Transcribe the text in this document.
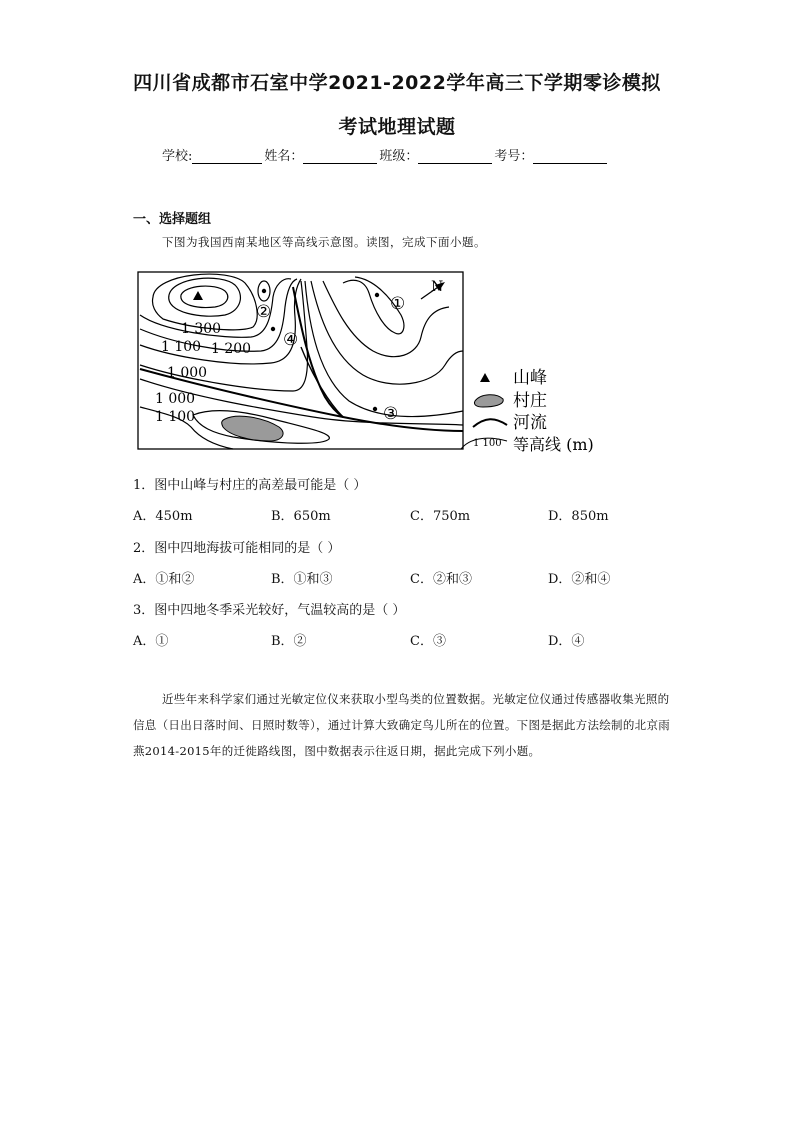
四川省成都市石室中学2021-2022学年高三下学期零诊模拟
考试地理试题
学校:	姓名：	班级：	考号：
一、选择题组
下图为我国西南某地区等高线示意图。读图，完成下面小题。
①
②
③
④
1 300
1 200
1 100
1 000
1 000
1 100
N
山峰
村庄
河流
1 100 等高线 (m)
1．图中山峰与村庄的高差最可能是（ ）
A．450m	B．650m	C．750m	D．850m
2．图中四地海拔可能相同的是（ ）
A．①和②	B．①和③	C．②和③	D．②和④
3．图中四地冬季采光较好，气温较高的是（ ）
A．①	B．②	C．③	D．④
近些年来科学家们通过光敏定位仪来获取小型鸟类的位置数据。光敏定位仪通过传感器收集光照的信息（日出日落时间、日照时数等），通过计算大致确定鸟儿所在的位置。下图是据此方法绘制的北京雨燕2014-2015年的迁徙路线图，图中数据表示往返日期，据此完成下列小题。
